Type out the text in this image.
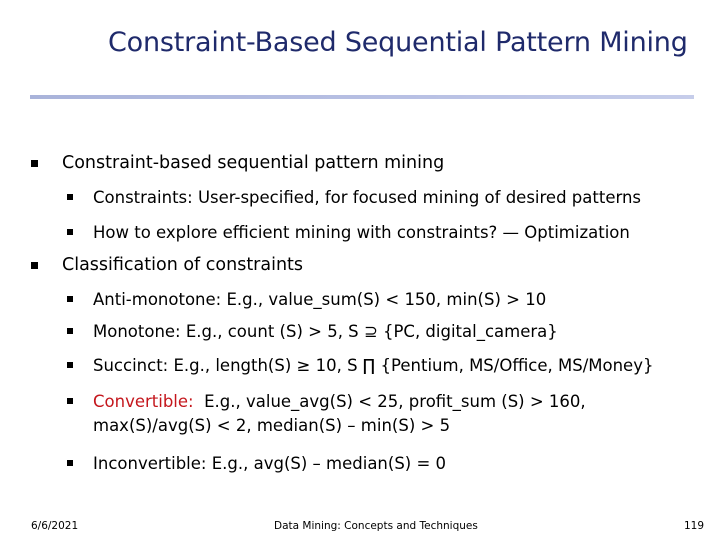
Constraint-Based Sequential Pattern Mining
Constraint-based sequential pattern mining
Constraints: User-specified, for focused mining of desired patterns
How to explore efficient mining with constraints? — Optimization
Classification of constraints
Anti-monotone: E.g., value_sum(S) < 150, min(S) > 10
Monotone: E.g., count (S) > 5, S ⊇ {PC, digital_camera}
Succinct: E.g., length(S) ≥ 10, S ∏ {Pentium, MS/Office, MS/Money}
Convertible:  E.g., value_avg(S) < 25, profit_sum (S) > 160,
max(S)/avg(S) < 2, median(S) – min(S) > 5
Inconvertible: E.g., avg(S) – median(S) = 0
6/6/2021	Data Mining: Concepts and Techniques	119
